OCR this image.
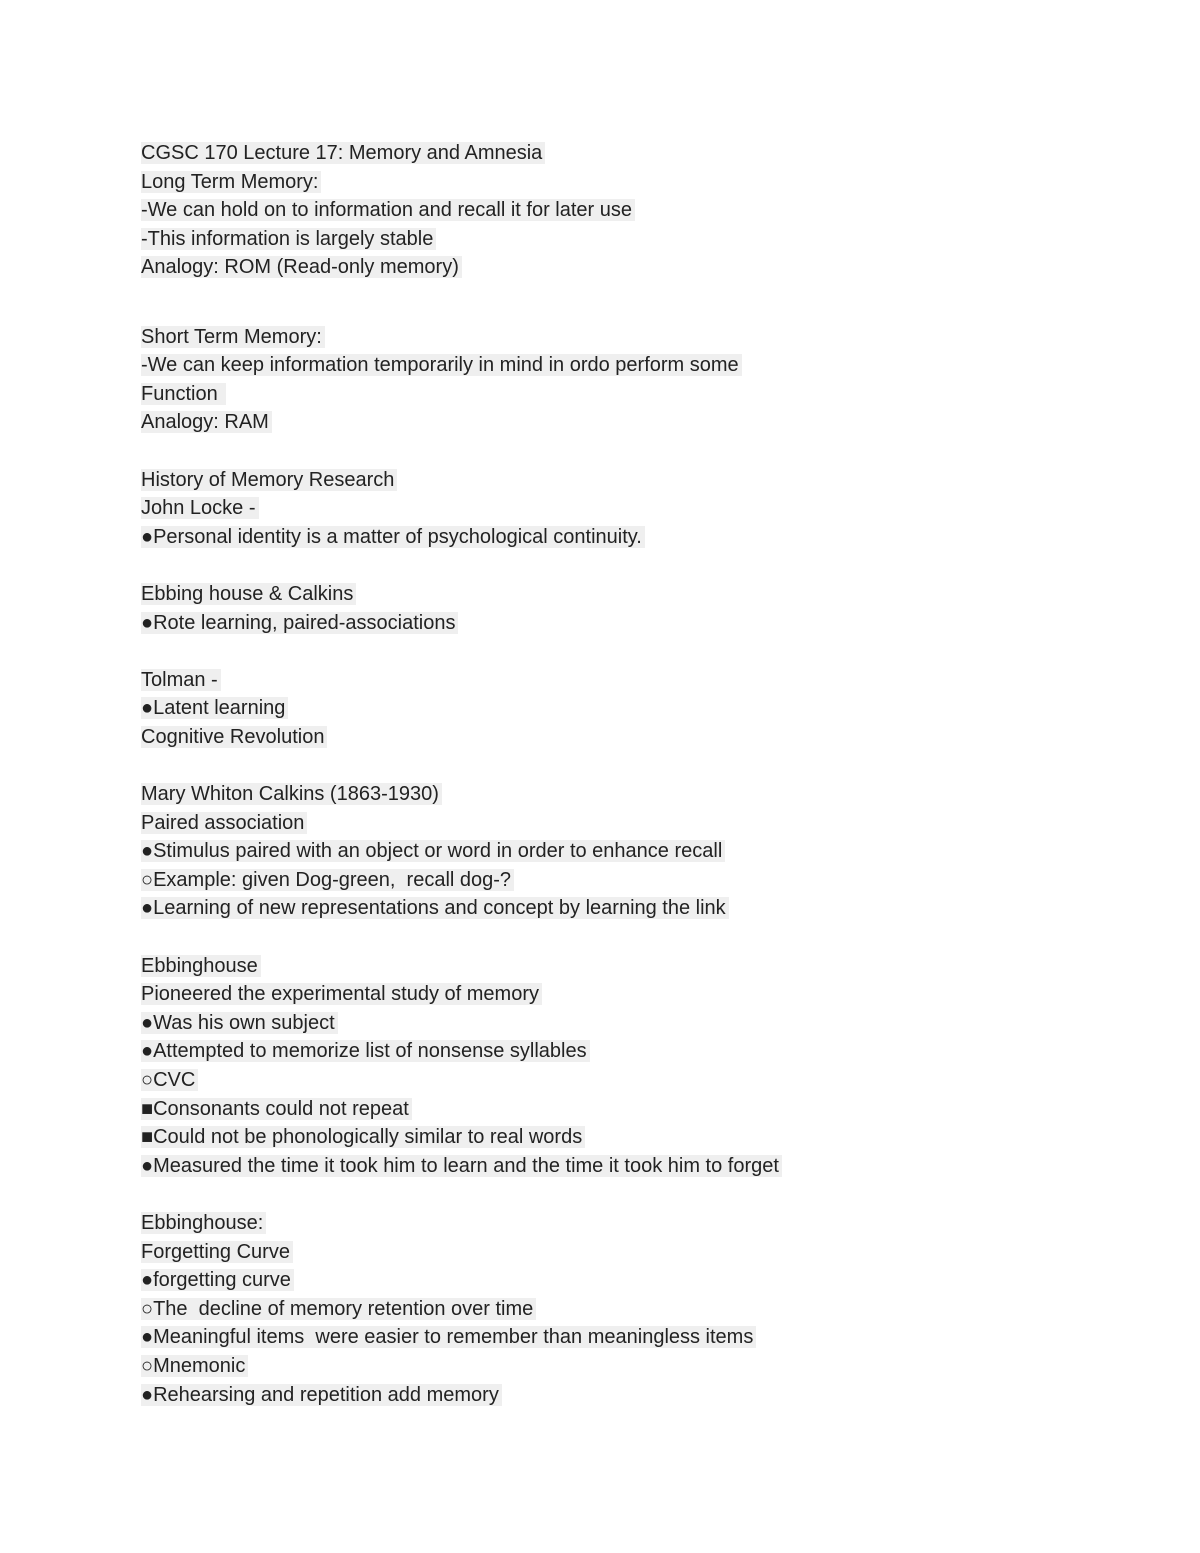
CGSC 170 Lecture 17: Memory and Amnesia
Long Term Memory:
-We can hold on to information and recall it for later use
-This information is largely stable
Analogy: ROM (Read-only memory)
Short Term Memory:
-We can keep information temporarily in mind in ordo perform some
Function
Analogy: RAM
History of Memory Research
John Locke -
●Personal identity is a matter of psychological continuity.
Ebbing house & Calkins
●Rote learning, paired-associations
Tolman -
●Latent learning
Cognitive Revolution
Mary Whiton Calkins (1863-1930)
Paired association
●Stimulus paired with an object or word in order to enhance recall
○Example: given Dog-green,  recall dog-?
●Learning of new representations and concept by learning the link
Ebbinghouse
Pioneered the experimental study of memory
●Was his own subject
●Attempted to memorize list of nonsense syllables
○CVC
■Consonants could not repeat
■Could not be phonologically similar to real words
●Measured the time it took him to learn and the time it took him to forget
Ebbinghouse:
Forgetting Curve
●forgetting curve
○The  decline of memory retention over time
●Meaningful items  were easier to remember than meaningless items
○Mnemonic
●Rehearsing and repetition add memory
